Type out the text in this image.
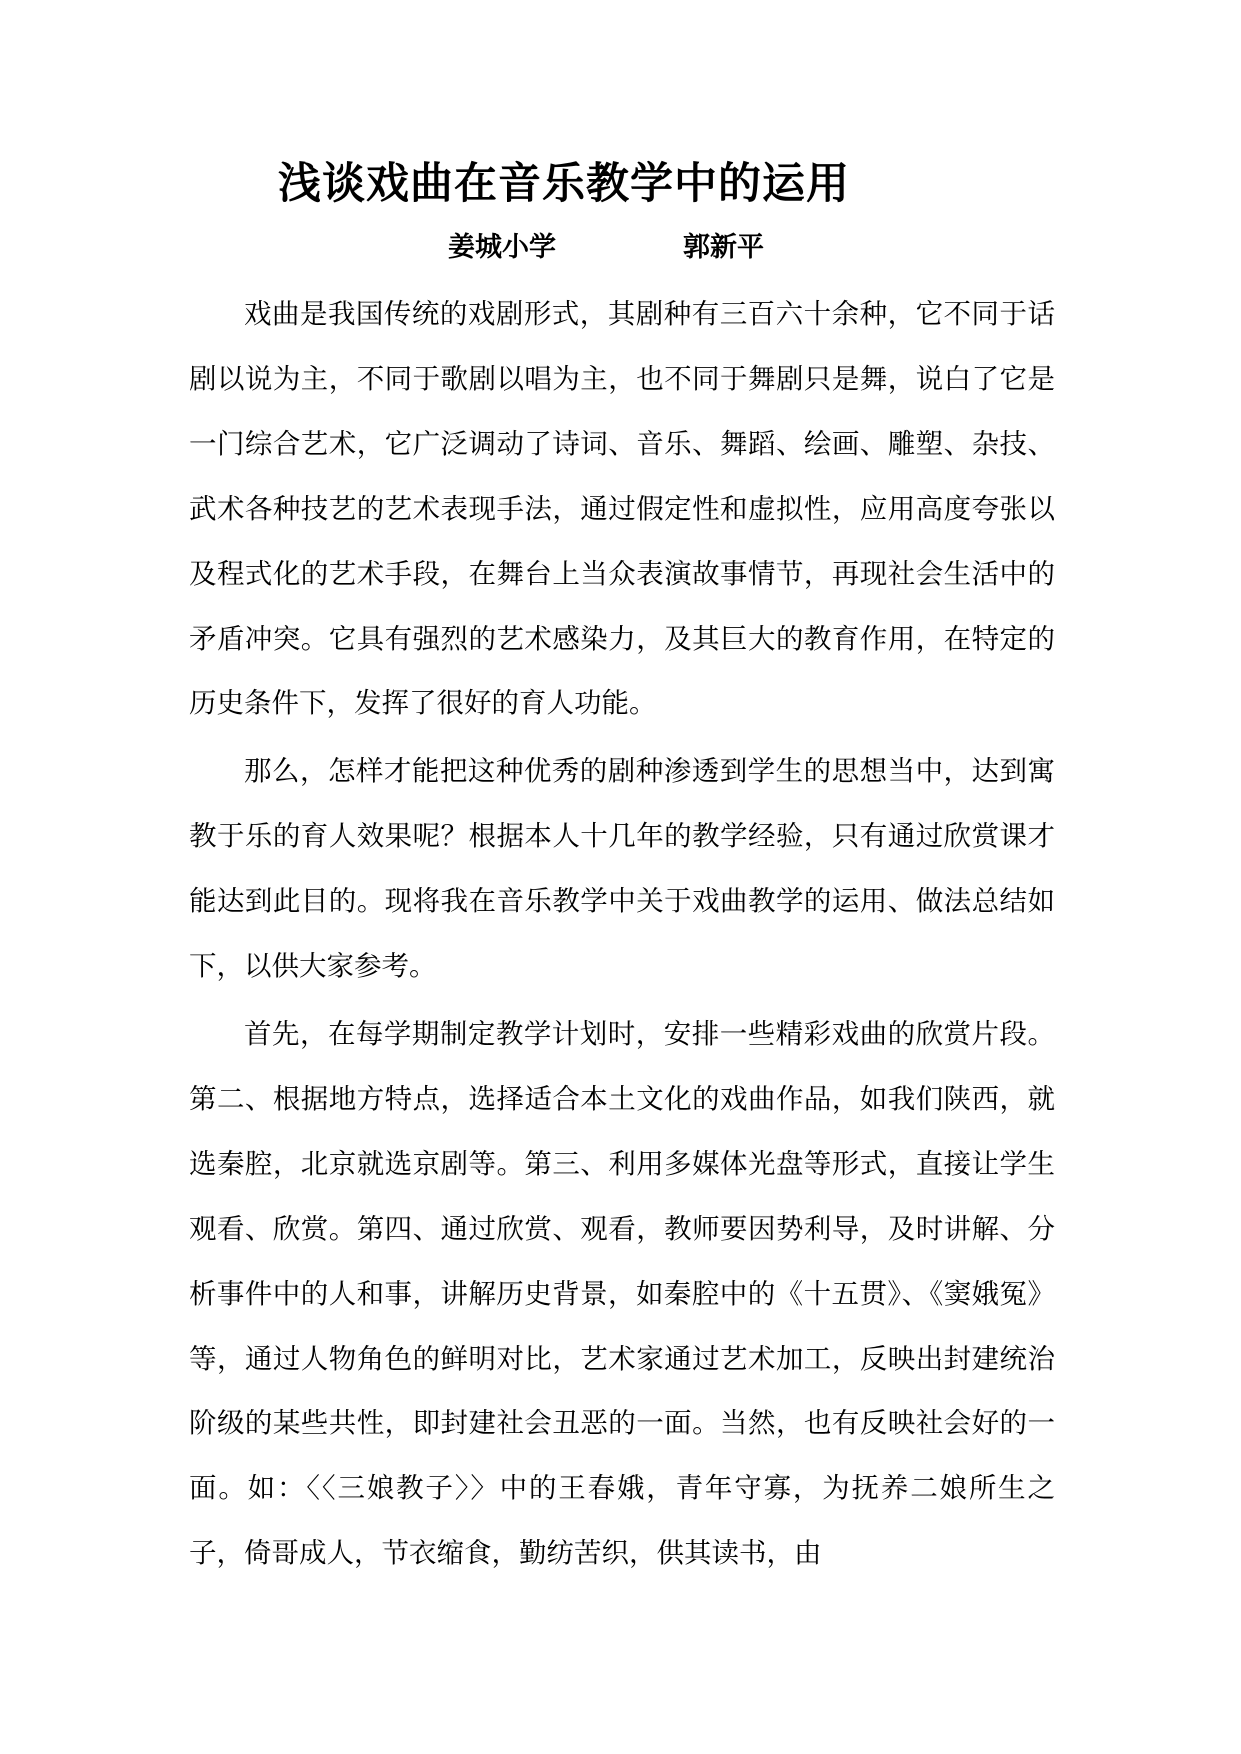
浅谈戏曲在音乐教学中的运用
姜城小学	郭新平

戏曲是我国传统的戏剧形式，其剧种有三百六十余种，它不同于话剧以说为主，不同于歌剧以唱为主，也不同于舞剧只是舞，说白了它是一门综合艺术，它广泛调动了诗词、音乐、舞蹈、绘画、雕塑、杂技、武术各种技艺的艺术表现手法，通过假定性和虚拟性，应用高度夸张以及程式化的艺术手段，在舞台上当众表演故事情节，再现社会生活中的矛盾冲突。它具有强烈的艺术感染力，及其巨大的教育作用，在特定的历史条件下，发挥了很好的育人功能。

那么，怎样才能把这种优秀的剧种渗透到学生的思想当中，达到寓教于乐的育人效果呢？根据本人十几年的教学经验，只有通过欣赏课才能达到此目的。现将我在音乐教学中关于戏曲教学的运用、做法总结如下，以供大家参考。

首先，在每学期制定教学计划时，安排一些精彩戏曲的欣赏片段。第二、根据地方特点，选择适合本土文化的戏曲作品，如我们陕西，就选秦腔，北京就选京剧等。第三、利用多媒体光盘等形式，直接让学生观看、欣赏。第四、通过欣赏、观看，教师要因势利导，及时讲解、分析事件中的人和事，讲解历史背景，如秦腔中的《十五贯》、《窦娥冤》等，通过人物角色的鲜明对比，艺术家通过艺术加工，反映出封建统治阶级的某些共性，即封建社会丑恶的一面。当然，也有反映社会好的一面。如：〈〈三娘教子〉〉中的王春娥，青年守寡，为抚养二娘所生之子，倚哥成人，节衣缩食，勤纺苦织，供其读书，由
